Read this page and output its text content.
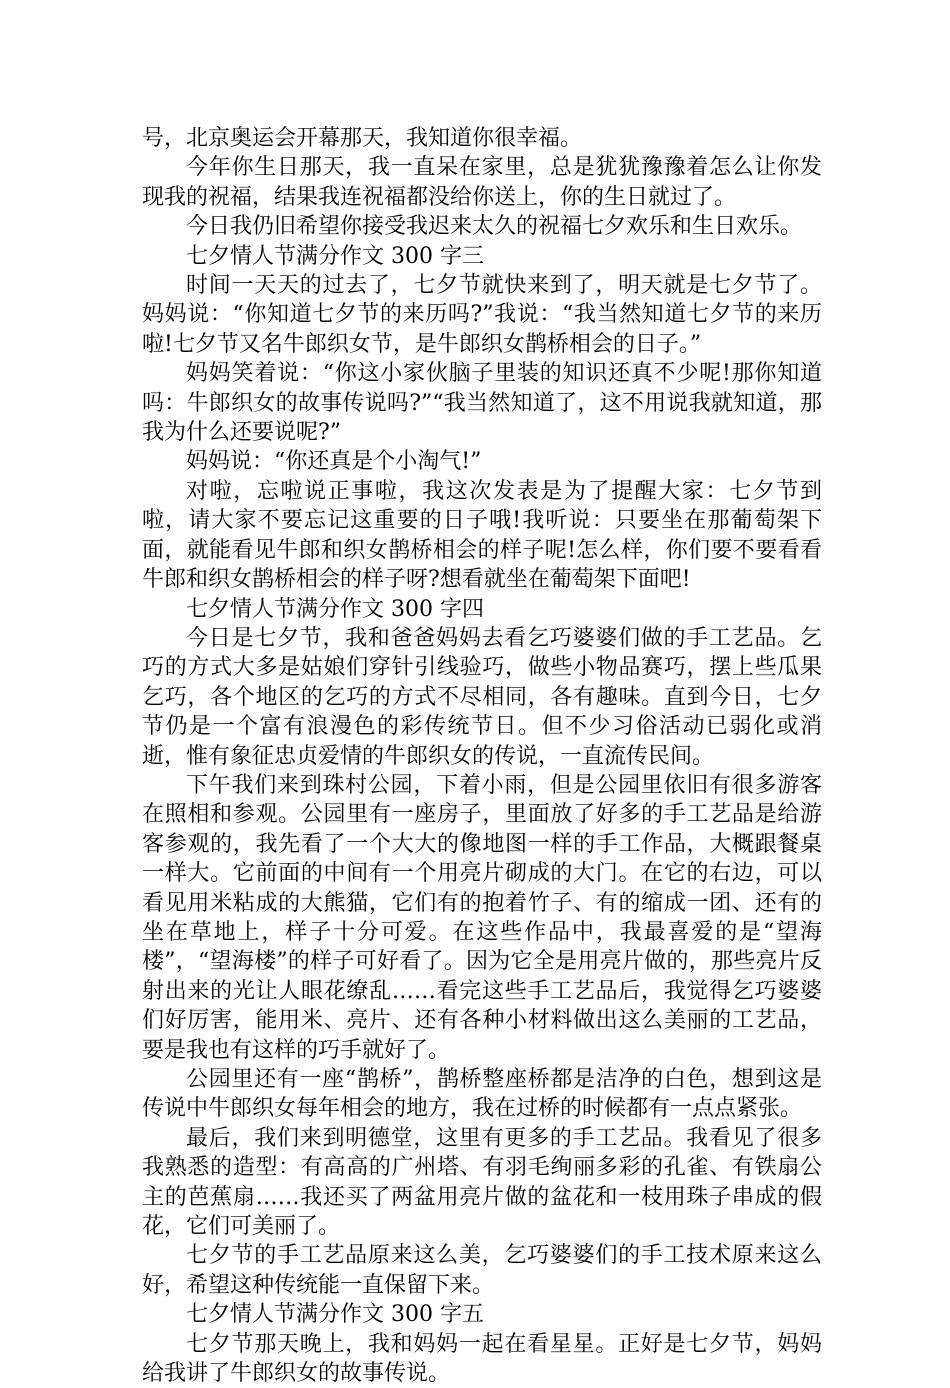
号，北京奥运会开幕那天，我知道你很幸福。

今年你生日那天，我一直呆在家里，总是犹犹豫豫着怎么让你发现我的祝福，结果我连祝福都没给你送上，你的生日就过了。

今日我仍旧希望你接受我迟来太久的祝福七夕欢乐和生日欢乐。

七夕情人节满分作文 300 字三

时间一天天的过去了，七夕节就快来到了，明天就是七夕节了。妈妈说：“你知道七夕节的来历吗?”我说：“我当然知道七夕节的来历啦!七夕节又名牛郎织女节，是牛郎织女鹊桥相会的日子。”

妈妈笑着说：“你这小家伙脑子里装的知识还真不少呢!那你知道吗：牛郎织女的故事传说吗?”“我当然知道了，这不用说我就知道，那我为什么还要说呢?”

妈妈说：“你还真是个小淘气!”

对啦，忘啦说正事啦，我这次发表是为了提醒大家：七夕节到啦，请大家不要忘记这重要的日子哦!我听说：只要坐在那葡萄架下面，就能看见牛郎和织女鹊桥相会的样子呢!怎么样，你们要不要看看牛郎和织女鹊桥相会的样子呀?想看就坐在葡萄架下面吧!

七夕情人节满分作文 300 字四

今日是七夕节，我和爸爸妈妈去看乞巧婆婆们做的手工艺品。乞巧的方式大多是姑娘们穿针引线验巧，做些小物品赛巧，摆上些瓜果乞巧，各个地区的乞巧的方式不尽相同，各有趣味。直到今日，七夕节仍是一个富有浪漫色的彩传统节日。但不少习俗活动已弱化或消逝，惟有象征忠贞爱情的牛郎织女的传说，一直流传民间。

下午我们来到珠村公园，下着小雨，但是公园里依旧有很多游客在照相和参观。公园里有一座房子，里面放了好多的手工艺品是给游客参观的，我先看了一个大大的像地图一样的手工作品，大概跟餐桌一样大。它前面的中间有一个用亮片砌成的大门。在它的右边，可以看见用米粘成的大熊猫，它们有的抱着竹子、有的缩成一团、还有的坐在草地上，样子十分可爱。在这些作品中，我最喜爱的是“望海楼”，“望海楼”的样子可好看了。因为它全是用亮片做的，那些亮片反射出来的光让人眼花缭乱……看完这些手工艺品后，我觉得乞巧婆婆们好厉害，能用米、亮片、还有各种小材料做出这么美丽的工艺品，要是我也有这样的巧手就好了。

公园里还有一座“鹊桥”，鹊桥整座桥都是洁净的白色，想到这是传说中牛郎织女每年相会的地方，我在过桥的时候都有一点点紧张。

最后，我们来到明德堂，这里有更多的手工艺品。我看见了很多我熟悉的造型：有高高的广州塔、有羽毛绚丽多彩的孔雀、有铁扇公主的芭蕉扇……我还买了两盆用亮片做的盆花和一枝用珠子串成的假花，它们可美丽了。

七夕节的手工艺品原来这么美，乞巧婆婆们的手工技术原来这么好，希望这种传统能一直保留下来。

七夕情人节满分作文 300 字五

七夕节那天晚上，我和妈妈一起在看星星。正好是七夕节，妈妈给我讲了牛郎织女的故事传说。
